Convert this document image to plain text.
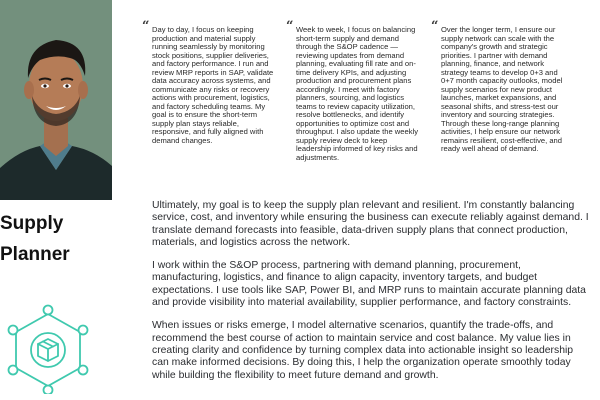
Supply
Planner
“ Day to day, I focus on keeping production and material supply running seamlessly by monitoring stock positions, supplier deliveries, and factory performance. I run and review MRP reports in SAP, validate data accuracy across systems, and communicate any risks or recovery actions with procurement, logistics, and factory scheduling teams. My goal is to ensure the short-term supply plan stays reliable, responsive, and fully aligned with demand changes.
“ Week to week, I focus on balancing short-term supply and demand through the S&OP cadence — reviewing updates from demand planning, evaluating fill rate and on-time delivery KPIs, and adjusting production and procurement plans accordingly. I meet with factory planners, sourcing, and logistics teams to review capacity utilization, resolve bottlenecks, and identify opportunities to optimize cost and throughput. I also update the weekly supply review deck to keep leadership informed of key risks and adjustments.
“ Over the longer term, I ensure our supply network can scale with the company's growth and strategic priorities. I partner with demand planning, finance, and network strategy teams to develop 0+3 and 0+7 month capacity outlooks, model supply scenarios for new product launches, market expansions, and seasonal shifts, and stress-test our inventory and sourcing strategies. Through these long-range planning activities, I help ensure our network remains resilient, cost-effective, and ready well ahead of demand.

Ultimately, my goal is to keep the supply plan relevant and resilient. I'm constantly balancing service, cost, and inventory while ensuring the business can execute reliably against demand. I translate demand forecasts into feasible, data-driven supply plans that connect production, materials, and logistics across the network.

I work within the S&OP process, partnering with demand planning, procurement, manufacturing, logistics, and finance to align capacity, inventory targets, and budget expectations. I use tools like SAP, Power BI, and MRP runs to maintain accurate planning data and provide visibility into material availability, supplier performance, and factory constraints.

When issues or risks emerge, I model alternative scenarios, quantify the trade-offs, and recommend the best course of action to maintain service and cost balance. My value lies in creating clarity and confidence by turning complex data into actionable insight so leadership can make informed decisions. By doing this, I help the organization operate smoothly today while building the flexibility to meet future demand and growth.
